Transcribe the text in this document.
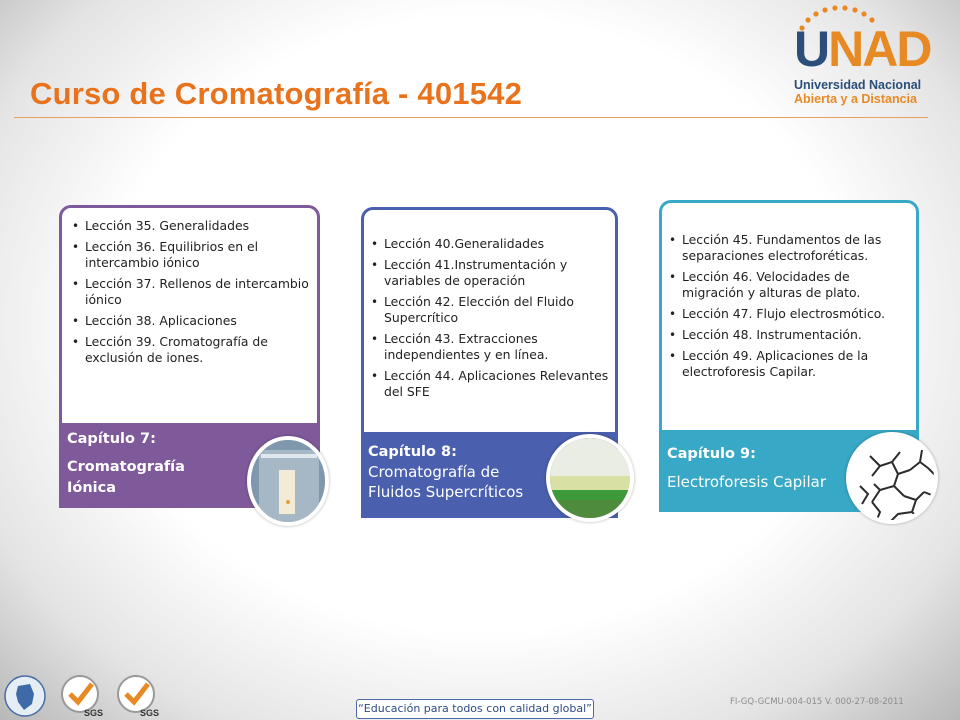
Curso de Cromatografía - 401542
UNAD
Universidad Nacional
Abierta y a Distancia
• Lección 35. Generalidades
• Lección 36. Equilibrios en el intercambio iónico
• Lección 37. Rellenos de intercambio iónico
• Lección 38. Aplicaciones
• Lección 39. Cromatografía de exclusión de iones.
Capítulo 7:
Cromatografía Iónica
• Lección 40.Generalidades
• Lección 41.Instrumentación y variables de operación
• Lección 42. Elección del Fluido Supercrítico
• Lección 43. Extracciones independientes y en línea.
• Lección 44. Aplicaciones Relevantes del SFE
Capítulo 8:
Cromatografía de Fluidos Supercríticos
• Lección 45. Fundamentos de las separaciones electroforéticas.
• Lección 46. Velocidades de migración y alturas de plato.
• Lección 47. Flujo electrosmótico.
• Lección 48. Instrumentación.
• Lección 49. Aplicaciones de la electroforesis Capilar.
Capítulo 9:
Electroforesis Capilar
SGS	SGS	“Educación para todos con calidad global”	FI-GQ-GCMU-004-015 V. 000-27-08-2011
